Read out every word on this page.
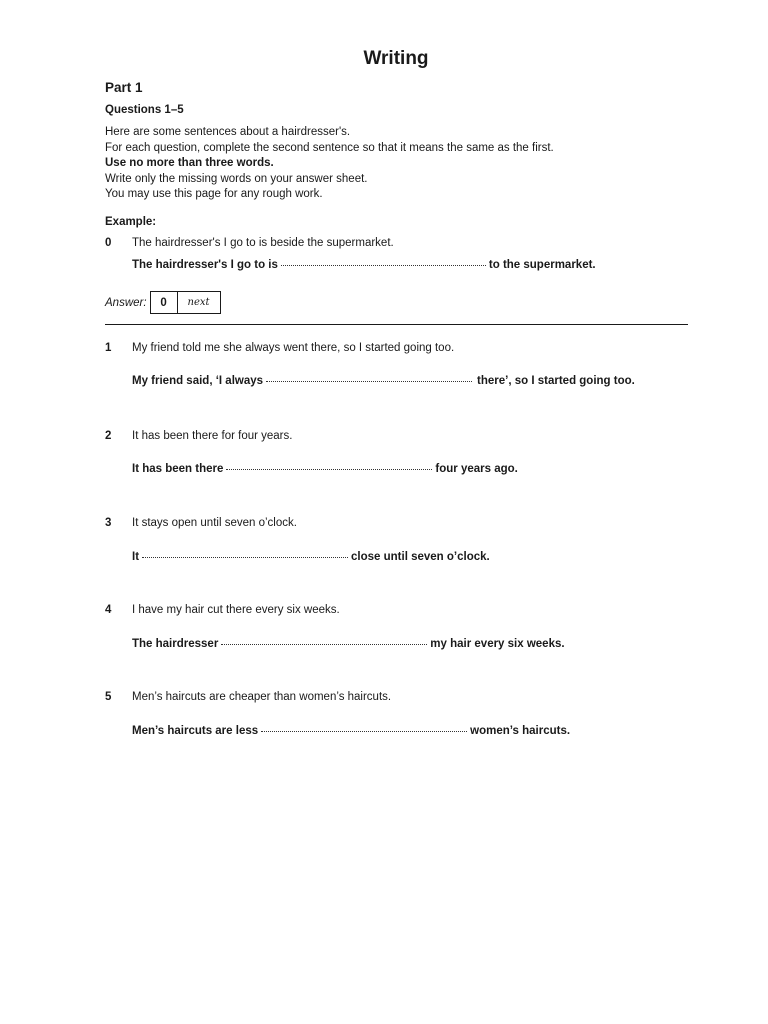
Writing
Part 1
Questions 1–5
Here are some sentences about a hairdresser's.
For each question, complete the second sentence so that it means the same as the first.
Use no more than three words.
Write only the missing words on your answer sheet.
You may use this page for any rough work.
Example:
0 The hairdresser's I go to is beside the supermarket.
The hairdresser's I go to is	to the supermarket.
Answer:	0	next
1 My friend told me she always went there, so I started going too.
My friend said, ‘I always	there’, so I started going too.
2 It has been there for four years.
It has been there	four years ago.
3 It stays open until seven o’clock.
It	close until seven o’clock.
4 I have my hair cut there every six weeks.
The hairdresser	my hair every six weeks.
5 Men’s haircuts are cheaper than women’s haircuts.
Men’s haircuts are less	women’s haircuts.
